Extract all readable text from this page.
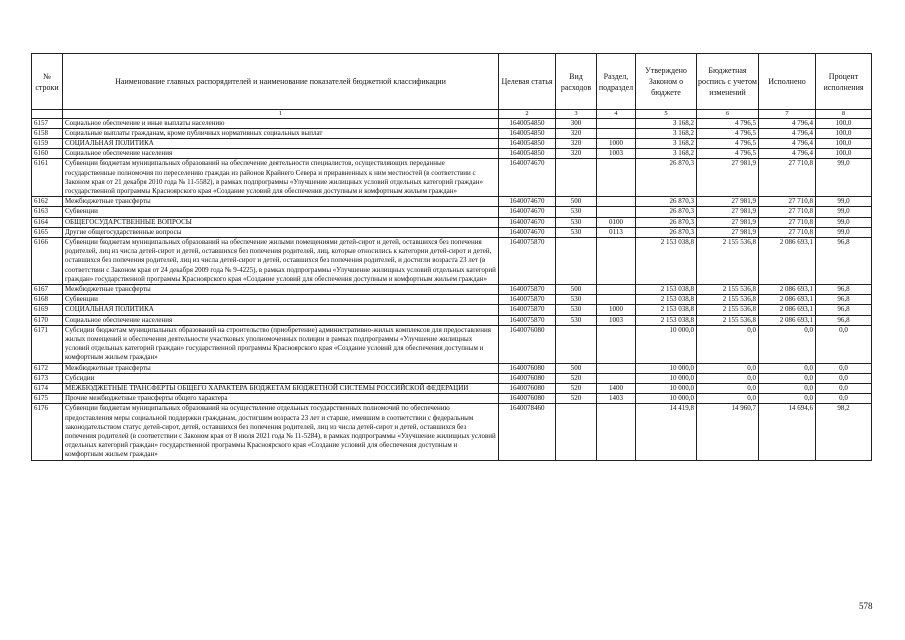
№ строки	Наименование главных распорядителей и наименование показателей бюджетной классификации	Целевая статья	Вид расходов	Раздел, подраздел	Утверждено Законом о бюджете	Бюджетная роспись с учетом изменений	Исполнено	Процент исполнения
	1	2	3	4	5	6	7	8
6157	Социальное обеспечение и иные выплаты населению	1640054850	300		3 168,2	4 796,5	4 796,4	100,0
6158	Социальные выплаты гражданам, кроме публичных нормативных социальных выплат	1640054850	320		3 168,2	4 796,5	4 796,4	100,0
6159	СОЦИАЛЬНАЯ ПОЛИТИКА	1640054850	320	1000	3 168,2	4 796,5	4 796,4	100,0
6160	Социальное обеспечение населения	1640054850	320	1003	3 168,2	4 796,5	4 796,4	100,0
6161	Субвенции бюджетам муниципальных образований на обеспечение деятельности специалистов, осуществляющих переданные государственные полномочия по переселению граждан из районов Крайнего Севера и приравненных к ним местностей (в соответствии с Законом края от 21 декабря 2010 года № 11-5582), в рамках подпрограммы «Улучшение жилищных условий отдельных категорий граждан» государственной программы Красноярского края «Создание условий для обеспечения доступным и комфортным жильем граждан»	1640074670			26 870,3	27 981,9	27 710,8	99,0
6162	Межбюджетные трансферты	1640074670	500		26 870,3	27 981,9	27 710,8	99,0
6163	Субвенции	1640074670	530		26 870,3	27 981,9	27 710,8	99,0
6164	ОБЩЕГОСУДАРСТВЕННЫЕ ВОПРОСЫ	1640074670	530	0100	26 870,3	27 981,9	27 710,8	99,0
6165	Другие общегосударственные вопросы	1640074670	530	0113	26 870,3	27 981,9	27 710,8	99,0
6166	Субвенции бюджетам муниципальных образований на обеспечение жилыми помещениями детей-сирот и детей, оставшихся без попечения родителей, лиц из числа детей-сирот и детей, оставшихся без попечения родителей, лиц, которые относились к категории детей-сирот и детей, оставшихся без попечения родителей, лиц из числа детей-сирот и детей, оставшихся без попечения родителей, и достигли возраста 23 лет (в соответствии с Законом края от 24 декабря 2009 года № 9-4225), в рамках подпрограммы «Улучшение жилищных условий отдельных категорий граждан» государственной программы Красноярского края «Создание условий для обеспечения доступным и комфортным жильем граждан»	1640075870			2 153 038,8	2 155 536,8	2 086 693,1	96,8
6167	Межбюджетные трансферты	1640075870	500		2 153 038,8	2 155 536,8	2 086 693,1	96,8
6168	Субвенции	1640075870	530		2 153 038,8	2 155 536,8	2 086 693,1	96,8
6169	СОЦИАЛЬНАЯ ПОЛИТИКА	1640075870	530	1000	2 153 038,8	2 155 536,8	2 086 693,1	96,8
6170	Социальное обеспечение населения	1640075870	530	1003	2 153 038,8	2 155 536,8	2 086 693,1	96,8
6171	Субсидии бюджетам муниципальных образований на строительство (приобретение) административно-жилых комплексов для предоставления жилых помещений и обеспечения деятельности участковых уполномоченных полиции в рамках подпрограммы «Улучшение жилищных условий отдельных категорий граждан» государственной программы Красноярского края «Создание условий для обеспечения доступным и комфортным жильем граждан»	1640076080			10 000,0	0,0	0,0	0,0
6172	Межбюджетные трансферты	1640076080	500		10 000,0	0,0	0,0	0,0
6173	Субсидии	1640076080	520		10 000,0	0,0	0,0	0,0
6174	МЕЖБЮДЖЕТНЫЕ ТРАНСФЕРТЫ ОБЩЕГО ХАРАКТЕРА БЮДЖЕТАМ БЮДЖЕТНОЙ СИСТЕМЫ РОССИЙСКОЙ ФЕДЕРАЦИИ	1640076080	520	1400	10 000,0	0,0	0,0	0,0
6175	Прочие межбюджетные трансферты общего характера	1640076080	520	1403	10 000,0	0,0	0,0	0,0
6176	Субвенции бюджетам муниципальных образований на осуществление отдельных государственных полномочий по обеспечению предоставления меры социальной поддержки гражданам, достигшим возраста 23 лет и старше, имевшим в соответствии с федеральным законодательством статус детей-сирот, детей, оставшихся без попечения родителей, лиц из числа детей-сирот и детей, оставшихся без попечения родителей (в соответствии с Законом края от 8 июля 2021 года № 11-5284), в рамках подпрограммы «Улучшение жилищных условий отдельных категорий граждан» государственной программы Красноярского края «Создание условий для обеспечения доступным и комфортным жильем граждан»	1640078460			14 419,8	14 960,7	14 694,6	98,2
578
